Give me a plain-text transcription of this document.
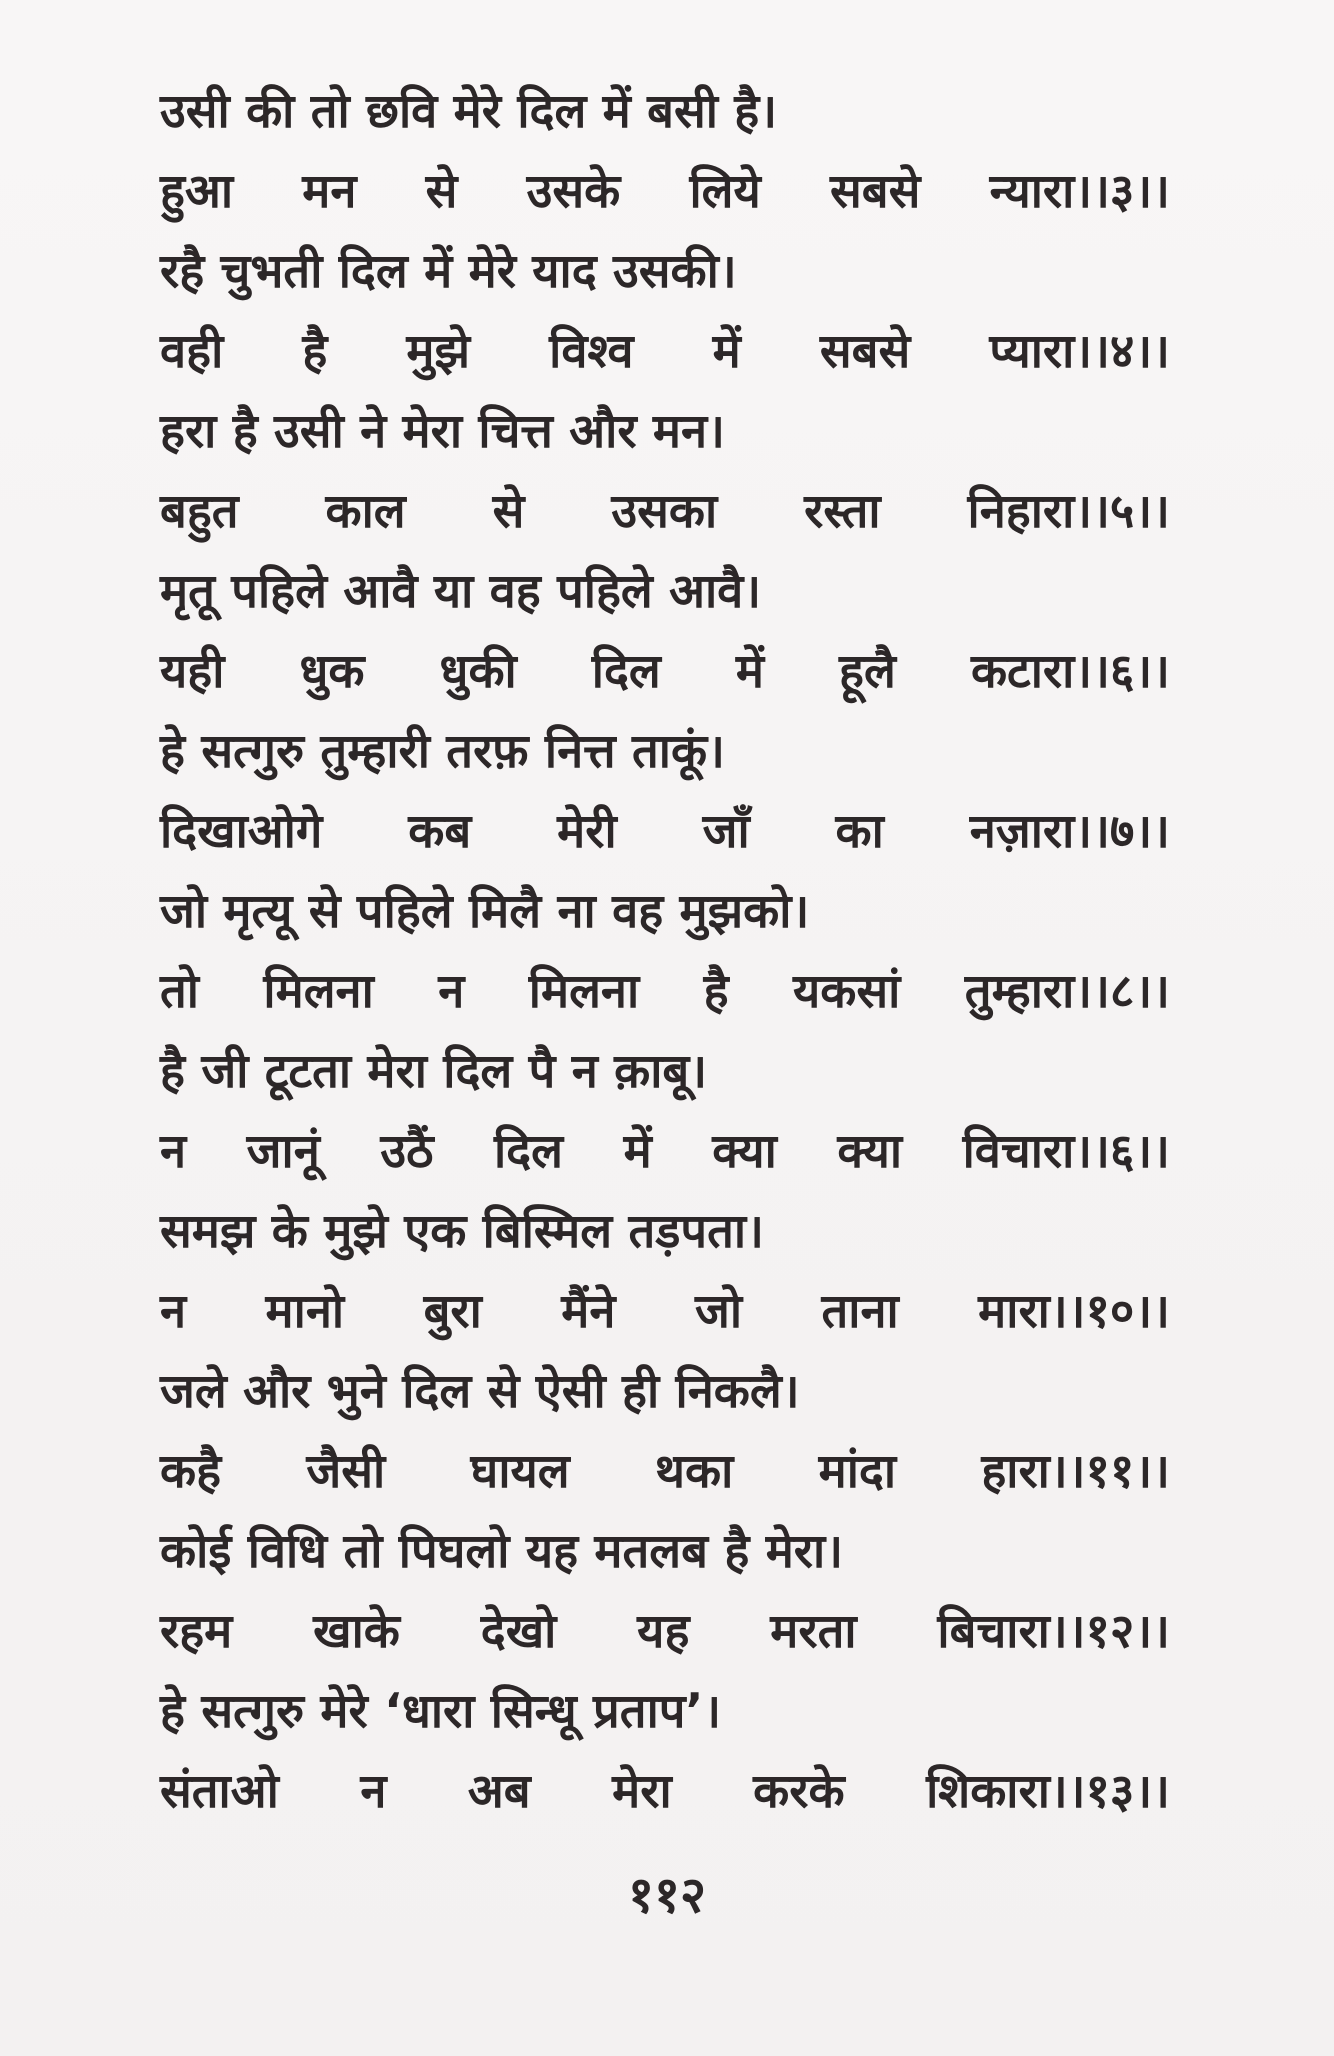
उसी की तो छवि मेरे दिल में बसी है।
हुआ मन से उसके लिये सबसे न्यारा।।३।।
रहै चुभती दिल में मेरे याद उसकी।
वही है मुझे विश्व में सबसे प्यारा।।४।।
हरा है उसी ने मेरा चित्त और मन।
बहुत काल से उसका रस्ता निहारा।।५।।
मृतू पहिले आवै या वह पहिले आवै।
यही धुक धुकी दिल में हूलै कटारा।।६।।
हे सत्गुरु तुम्हारी तरफ़ नित्त ताकूं।
दिखाओगे कब मेरी जाँ का नज़ारा।।७।।
जो मृत्यू से पहिले मिलै ना वह मुझको।
तो मिलना न मिलना है यकसां तुम्हारा।।८।।
है जी टूटता मेरा दिल पै न क़ाबू।
न जानूं उठैं दिल में क्या क्या विचारा।।६।।
समझ के मुझे एक बिस्मिल तड़पता।
न मानो बुरा मैंने जो ताना मारा।।१०।।
जले और भुने दिल से ऐसी ही निकलै।
कहै जैसी घायल थका मांदा हारा।।११।।
कोई विधि तो पिघलो यह मतलब है मेरा।
रहम खाके देखो यह मरता बिचारा।।१२।।
हे सत्गुरु मेरे ‘धारा सिन्धू प्रताप’।
संताओ न अब मेरा करके शिकारा।।१३।।
११२
